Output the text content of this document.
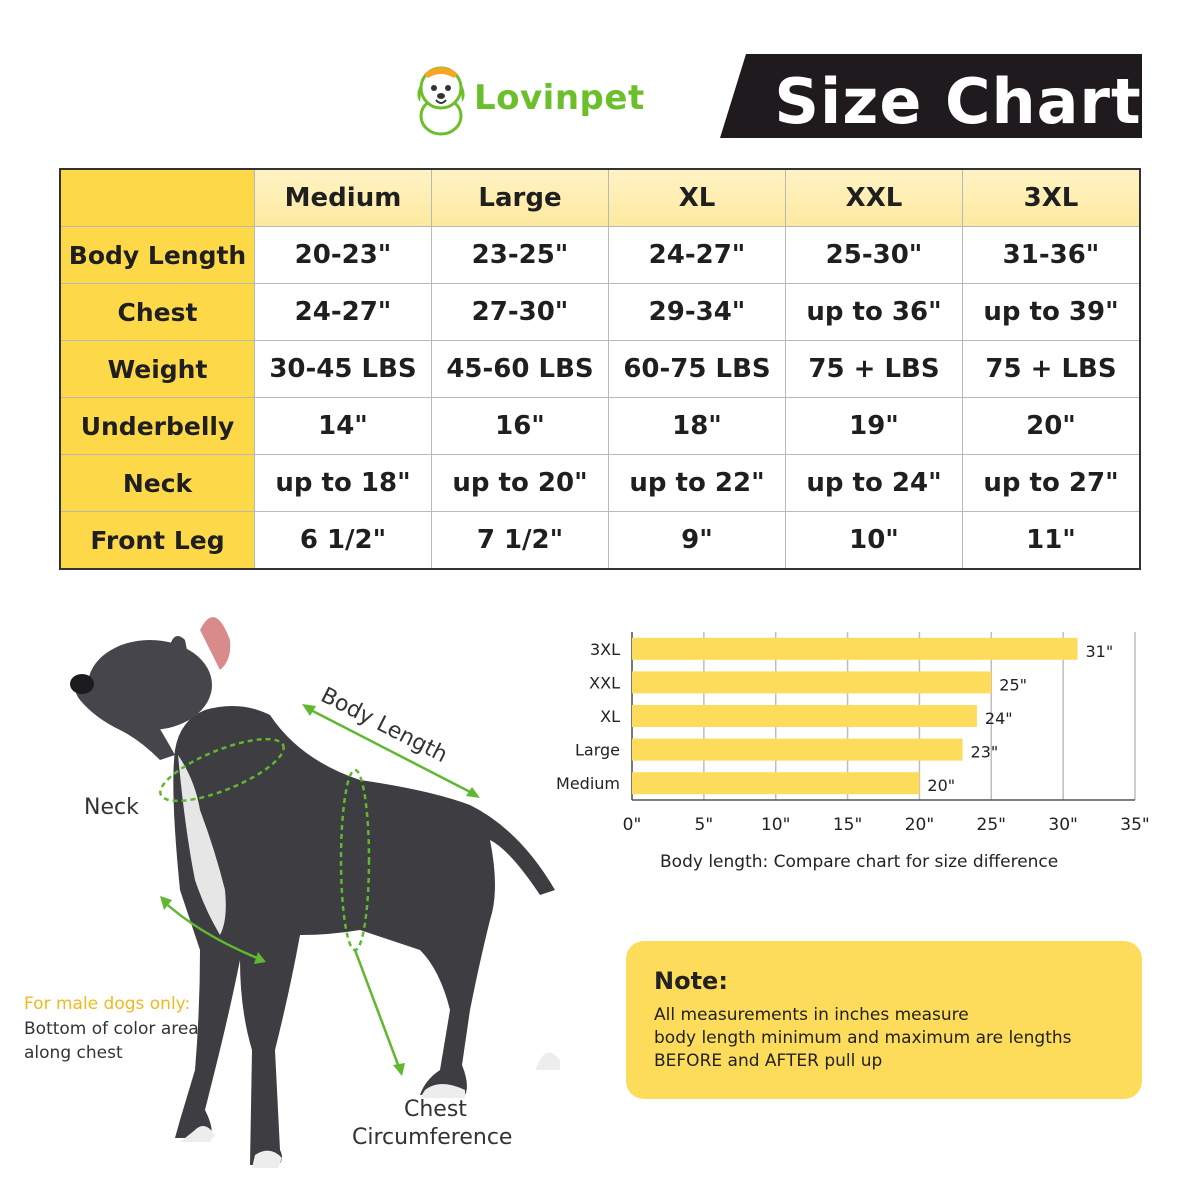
Lovinpet Size Chart
	Medium	Large	XL	XXL	3XL
Body Length	20-23"	23-25"	24-27"	25-30"	31-36"
Chest	24-27"	27-30"	29-34"	up to 36"	up to 39"
Weight	30-45 LBS	45-60 LBS	60-75 LBS	75 + LBS	75 + LBS
Underbelly	14"	16"	18"	19"	20"
Neck	up to 18"	up to 20"	up to 22"	up to 24"	up to 27"
Front Leg	6 1/2"	7 1/2"	9"	10"	11"
Neck
Body Length
For male dogs only:
Bottom of color area
along chest
Chest
Circumference
0"	5"	10" 15" 20" 25" 30" 35"
3XL	31"
XXL	25"
XL	24"
Large	23"
Medium	20"
Body length: Compare chart for size difference
Note:
All measurements in inches measure
body length minimum and maximum are lengths
BEFORE and AFTER pull up
